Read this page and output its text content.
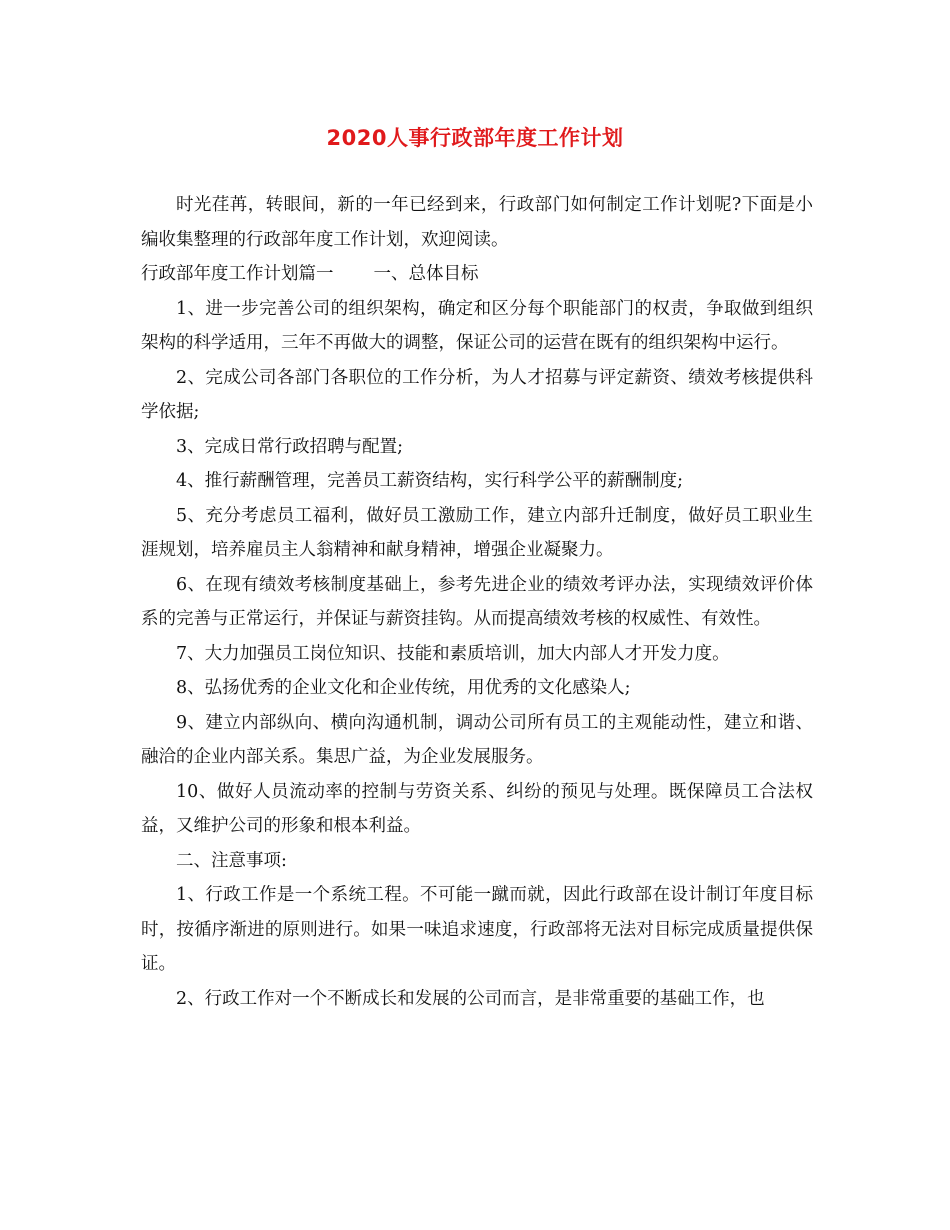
2020人事行政部年度工作计划

时光荏苒，转眼间，新的一年已经到来，行政部门如何制定工作计划呢?下面是小编收集整理的行政部年度工作计划，欢迎阅读。

行政部年度工作计划篇一 一、总体目标

1、进一步完善公司的组织架构，确定和区分每个职能部门的权责，争取做到组织架构的科学适用，三年不再做大的调整，保证公司的运营在既有的组织架构中运行。

2、完成公司各部门各职位的工作分析，为人才招募与评定薪资、绩效考核提供科学依据;

3、完成日常行政招聘与配置;

4、推行薪酬管理，完善员工薪资结构，实行科学公平的薪酬制度;

5、充分考虑员工福利，做好员工激励工作，建立内部升迁制度，做好员工职业生涯规划，培养雇员主人翁精神和献身精神，增强企业凝聚力。

6、在现有绩效考核制度基础上，参考先进企业的绩效考评办法，实现绩效评价体系的完善与正常运行，并保证与薪资挂钩。从而提高绩效考核的权威性、有效性。

7、大力加强员工岗位知识、技能和素质培训，加大内部人才开发力度。

8、弘扬优秀的企业文化和企业传统，用优秀的文化感染人;

9、建立内部纵向、横向沟通机制，调动公司所有员工的主观能动性，建立和谐、融洽的企业内部关系。集思广益，为企业发展服务。

10、做好人员流动率的控制与劳资关系、纠纷的预见与处理。既保障员工合法权益，又维护公司的形象和根本利益。

二、注意事项:

1、行政工作是一个系统工程。不可能一蹴而就，因此行政部在设计制订年度目标时，按循序渐进的原则进行。如果一味追求速度，行政部将无法对目标完成质量提供保证。

2、行政工作对一个不断成长和发展的公司而言，是非常重要的基础工作，也
